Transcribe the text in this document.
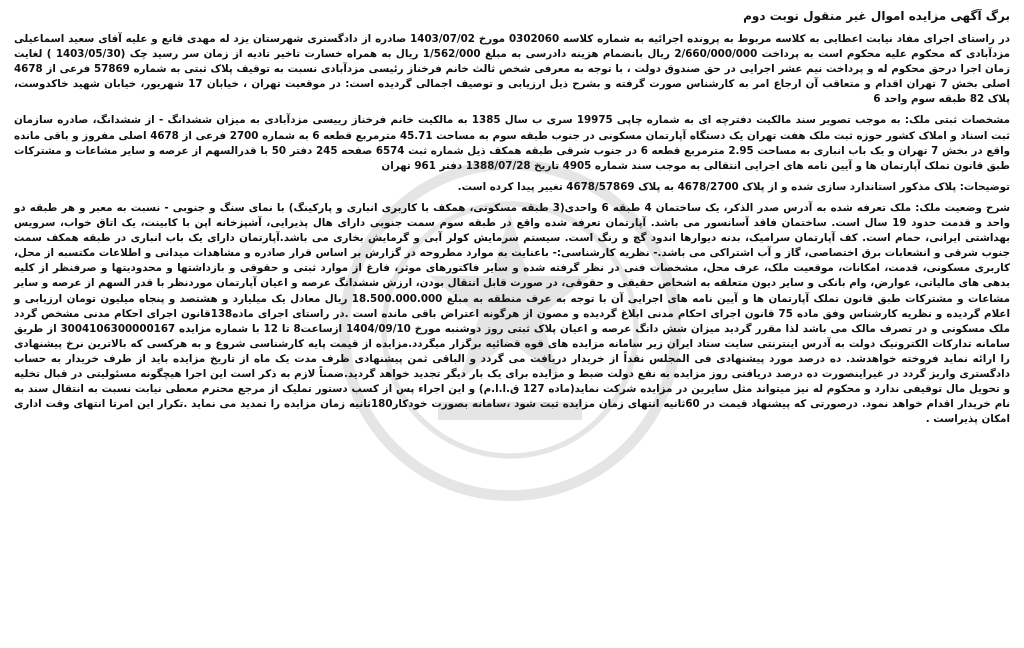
برگ آگهی مزایده اموال غیر منقول نوبت دوم

در راستای اجرای مفاد نیابت اعطایی به کلاسه مربوط به پرونده اجرائیه به شماره کلاسه 0302060 مورخ 1403/07/02 صادره از دادگستری شهرستان یزد له مهدی قانع و علیه آقای سعید اسماعیلی مزدآبادی که محکوم علیه محکوم است به پرداخت 2/660/000/000 ریال بانضمام هزینه دادرسی به مبلغ 1/562/000 ریال به همراه خسارت تاخیر تادیه از زمان سر رسید چک (1403/05/30 ) لغایت زمان اجرا درحق محکوم له و پرداخت نیم عشر اجرایی در حق صندوق دولت ، با توجه به معرفی شخص ثالث خانم فرخناز رئیسی مزدآبادی نسبت به توقیف پلاک ثبتی به شماره 57869 فرعی از 4678 اصلی بخش 7 تهران اقدام و متعاقب آن ارجاع امر به کارشناس صورت گرفته و بشرح ذیل ارزیابی و توصیف اجمالی گردیده است: در موقعیت تهران ، خیابان 17 شهریور، خیابان شهید خاکدوست، پلاک 82 طبقه سوم واحد 6

مشخصات ثبتی ملک: به موجب تصویر سند مالکیت دفترچه ای به شماره چاپی 19975 سری ب سال 1385 به مالکیت خانم فرخناز رییسی مزدآبادی به میزان ششدانگ - از ششدانگ، صادره سازمان ثبت اسناد و املاک کشور حوزه ثبت ملک هفت تهران یک دستگاه آپارتمان مسکونی در جنوب طبقه سوم به مساحت 45.71 مترمربع قطعه 6 به شماره 2700 فرعی از 4678 اصلی مفروز و باقی مانده واقع در بخش 7 تهران و یک باب انباری به مساحت 2.95 مترمربع قطعه 6 در جنوب شرقی طبقه همکف ذیل شماره ثبت 6574 صفحه 245 دفتر 50 با قدرالسهم از عرصه و سایر مشاعات و مشترکات طبق قانون تملک آپارتمان ها و آیین نامه های اجرایی انتقالی به موجب سند شماره 4905 تاریخ 1388/07/28 دفتر 961 تهران

توضیحات: پلاک مذکور استاندارد سازی شده و از پلاک 4678/2700 به پلاک 4678/57869 تغییر پیدا کرده است.

شرح وضعیت ملک: ملک تعرفه شده به آدرس صدر الذکر، یک ساختمان 4 طبقه 6 واحدی(3 طبقه مسکونی، همکف با کاربری انباری و پارکینگ) با نمای سنگ و جنوبی - نسبت به معبر و هر طبقه دو واحد و قدمت حدود 19 سال است. ساختمان فاقد آسانسور می باشد. آپارتمان تعرفه شده واقع در طبقه سوم سمت جنوبی دارای هال پذیرایی، آشپزخانه اپن با کابینت، یک اتاق خواب، سرویس بهداشتی ایرانی، حمام است. کف آپارتمان سرامیک، بدنه دیوارها اندود گچ و رنگ است. سیستم سرمایش کولر آبی و گرمایش بخاری می باشد.آپارتمان دارای یک باب انباری در طبقه همکف سمت جنوب شرقی و انشعابات برق اختصاصی، گاز و آب اشتراکی می باشد.- نظریه کارشناسی:- باعنایت به موارد مطروحه در گزارش بر اساس قرار صادره و مشاهدات میدانی و اطلاعات مکتسبه از محل، کاربری مسکونی، قدمت، امکانات، موقعیت ملک، عرف محل، مشخصات فنی در نظر گرفته شده و سایر فاکتورهای موثر، فارغ از موارد ثبتی و حقوقی و بازداشتها و محدودیتها و صرفنظر از کلیه بدهی های مالیاتی، عوارض، وام بانکی و سایر دیون متعلقه به اشخاص حقیقی و حقوقی، در صورت قابل انتقال بودن، ارزش ششدانگ عرصه و اعیان آپارتمان موردنظر با قدر السهم از عرصه و سایر مشاعات و مشترکات طبق قانون تملک آپارتمان ها و آیین نامه های اجرایی آن با توجه به عرف منطقه به مبلغ 18.500.000.000 ریال معادل یک میلیارد و هشتصد و پنجاه میلیون تومان ارزیابی و اعلام گردیده و نظریه کارشناس وفق ماده 75 قانون اجرای احکام مدنی ابلاغ گردیده و مصون از هرگونه اعتراض باقی مانده است .در راستای اجرای ماده138قانون اجرای احکام مدنی مشخص گردد ملک مسکونی و در تصرف مالک می باشد لذا مقرر گردید میزان شش دانگ عرصه و اعیان پلاک ثبتی روز دوشنبه مورخ 1404/09/10 ازساعت8 تا 12 با شماره مزایده 3004106300000167 از طریق سامانه تدارکات الکترونیک دولت به آدرس اینترنتی سایت ستاد ایران زیر سامانه مزایده های قوه قضائیه برگزار میگردد.مزایده از قیمت پایه کارشناسی شروع و به هرکسی که بالاترین نرخ پیشنهادی را ارائه نماید فروخته خواهدشد. ده درصد مورد پیشنهادی فی المجلس نقداً از خریدار دریافت می گردد و الباقی ثمن پیشنهادی ظرف مدت یک ماه از تاریخ مزایده باید از طرف خریدار به حساب دادگستری واریز گردد در غیراینصورت ده درصد دریافتی روز مزایده به نفع دولت ضبط و مزایده برای یک بار دیگر تجدید خواهد گردید.ضمناً لازم به ذکر است این اجرا هیچگونه مسئولیتی در قبال تخلیه و تحویل مال توقیفی ندارد و محکوم له نیز میتواند مثل سایرین در مزایده شرکت نماید(ماده 127 ق.ا.ا.م) و این اجراء پس از کسب دستور تملیک از مرجع محترم معطی نیابت نسبت به انتقال سند به نام خریدار اقدام خواهد نمود. درصورتی که پیشنهاد قیمت در 60ثانیه انتهای زمان مزایده ثبت شود ،سامانه بصورت خودکار180ثانیه زمان مزایده را تمدید می نماید .تکرار این امرتا انتهای وقت اداری امکان پذیراست .
